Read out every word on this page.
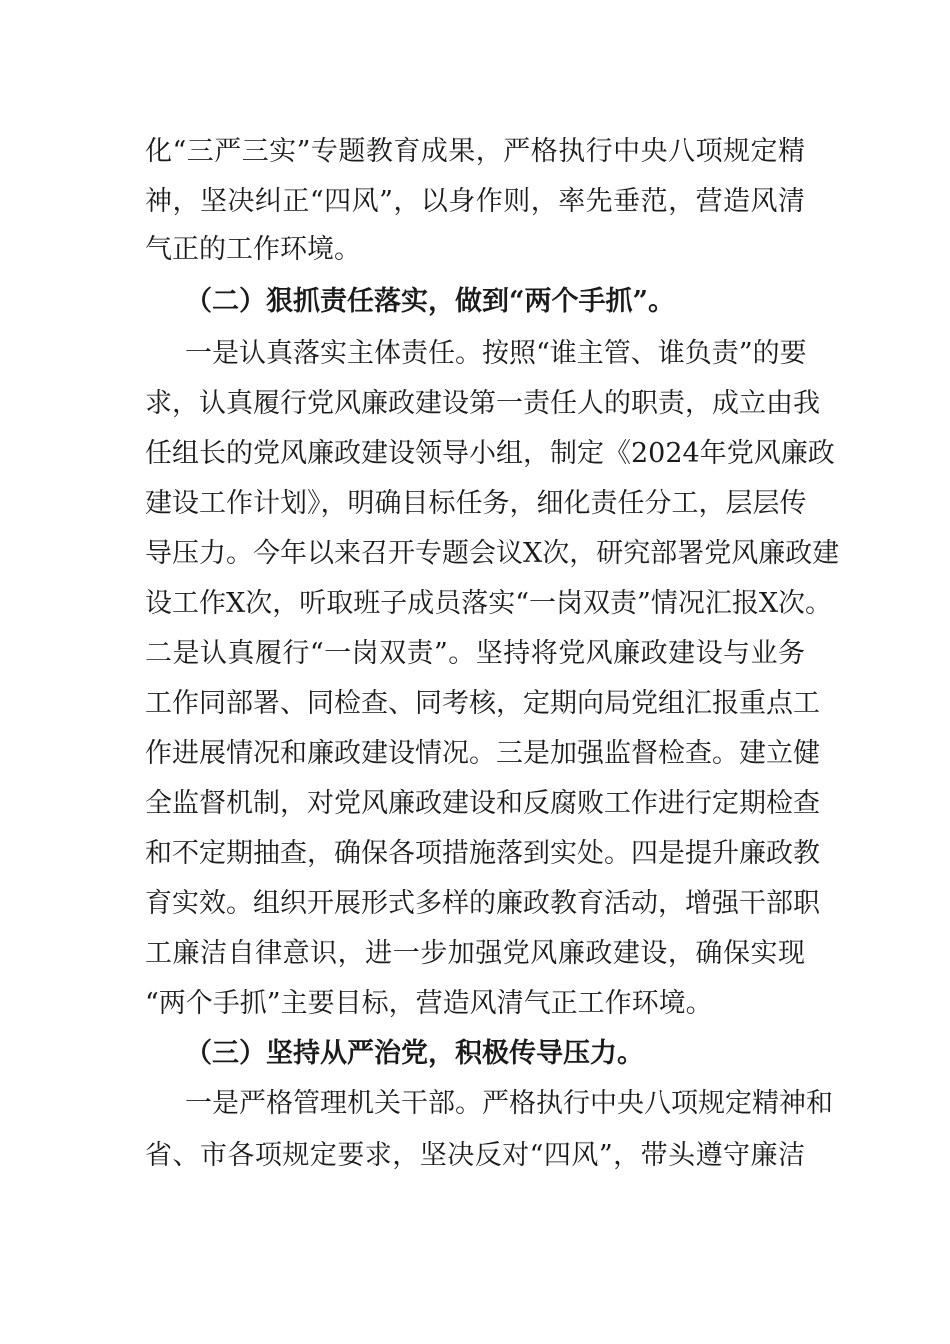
化“三严三实”专题教育成果，严格执行中央八项规定精
神，坚决纠正“四风”，以身作则，率先垂范，营造风清
气正的工作环境。
（二）狠抓责任落实，做到“两个手抓”。
一是认真落实主体责任。按照“谁主管、谁负责”的要
求，认真履行党风廉政建设第一责任人的职责，成立由我
任组长的党风廉政建设领导小组，制定《2024年党风廉政
建设工作计划》，明确目标任务，细化责任分工，层层传
导压力。今年以来召开专题会议X次，研究部署党风廉政建
设工作X次，听取班子成员落实“一岗双责”情况汇报X次。
二是认真履行“一岗双责”。坚持将党风廉政建设与业务
工作同部署、同检查、同考核，定期向局党组汇报重点工
作进展情况和廉政建设情况。三是加强监督检查。建立健
全监督机制，对党风廉政建设和反腐败工作进行定期检查
和不定期抽查，确保各项措施落到实处。四是提升廉政教
育实效。组织开展形式多样的廉政教育活动，增强干部职
工廉洁自律意识，进一步加强党风廉政建设，确保实现
“两个手抓”主要目标，营造风清气正工作环境。
（三）坚持从严治党，积极传导压力。
一是严格管理机关干部。严格执行中央八项规定精神和
省、市各项规定要求，坚决反对“四风”，带头遵守廉洁
